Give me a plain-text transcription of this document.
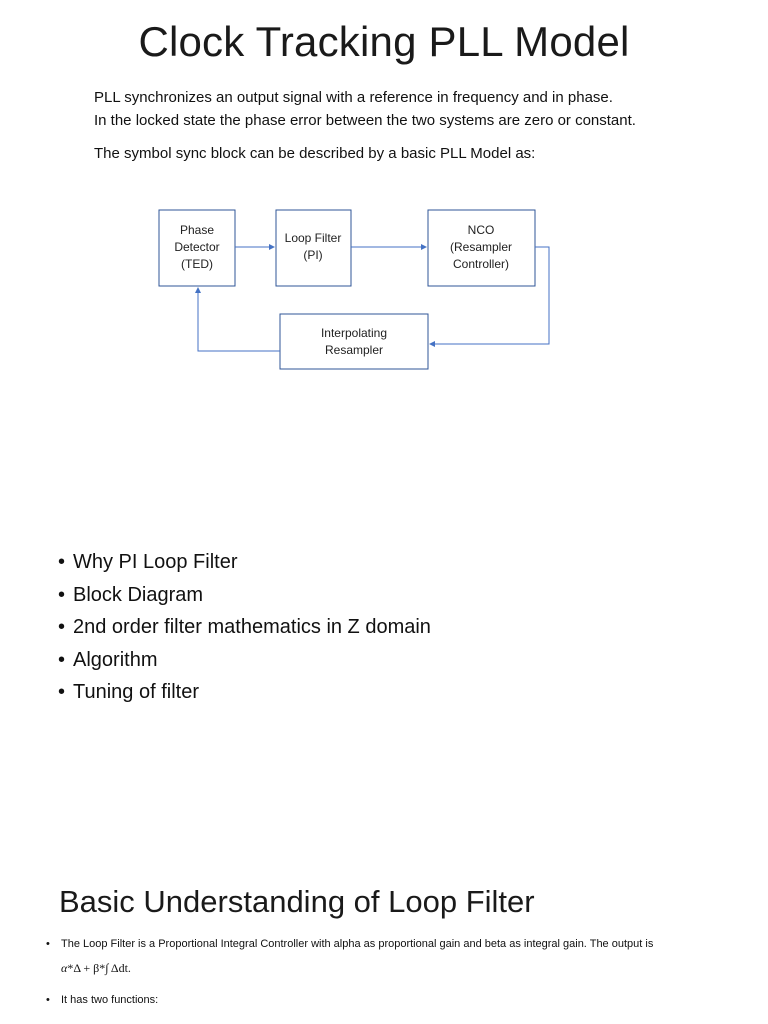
Clock Tracking PLL Model

PLL synchronizes an output signal with a reference in frequency and in phase.

In the locked state the phase error between the two systems are zero or constant.

The symbol sync block can be described by a basic PLL Model as:

Phase
Detector
(TED)
Loop Filter
(PI)
NCO
(Resampler
Controller)
Interpolating
Resampler
• Why PI Loop Filter
• Block Diagram
• 2nd order filter mathematics in Z domain
• Algorithm
• Tuning of filter
Basic Understanding of Loop Filter
• The Loop Filter is a Proportional Integral Controller with alpha as proportional gain and beta as integral gain. The output is
α*Δ + β*∫ Δdt.
• It has two functions:
